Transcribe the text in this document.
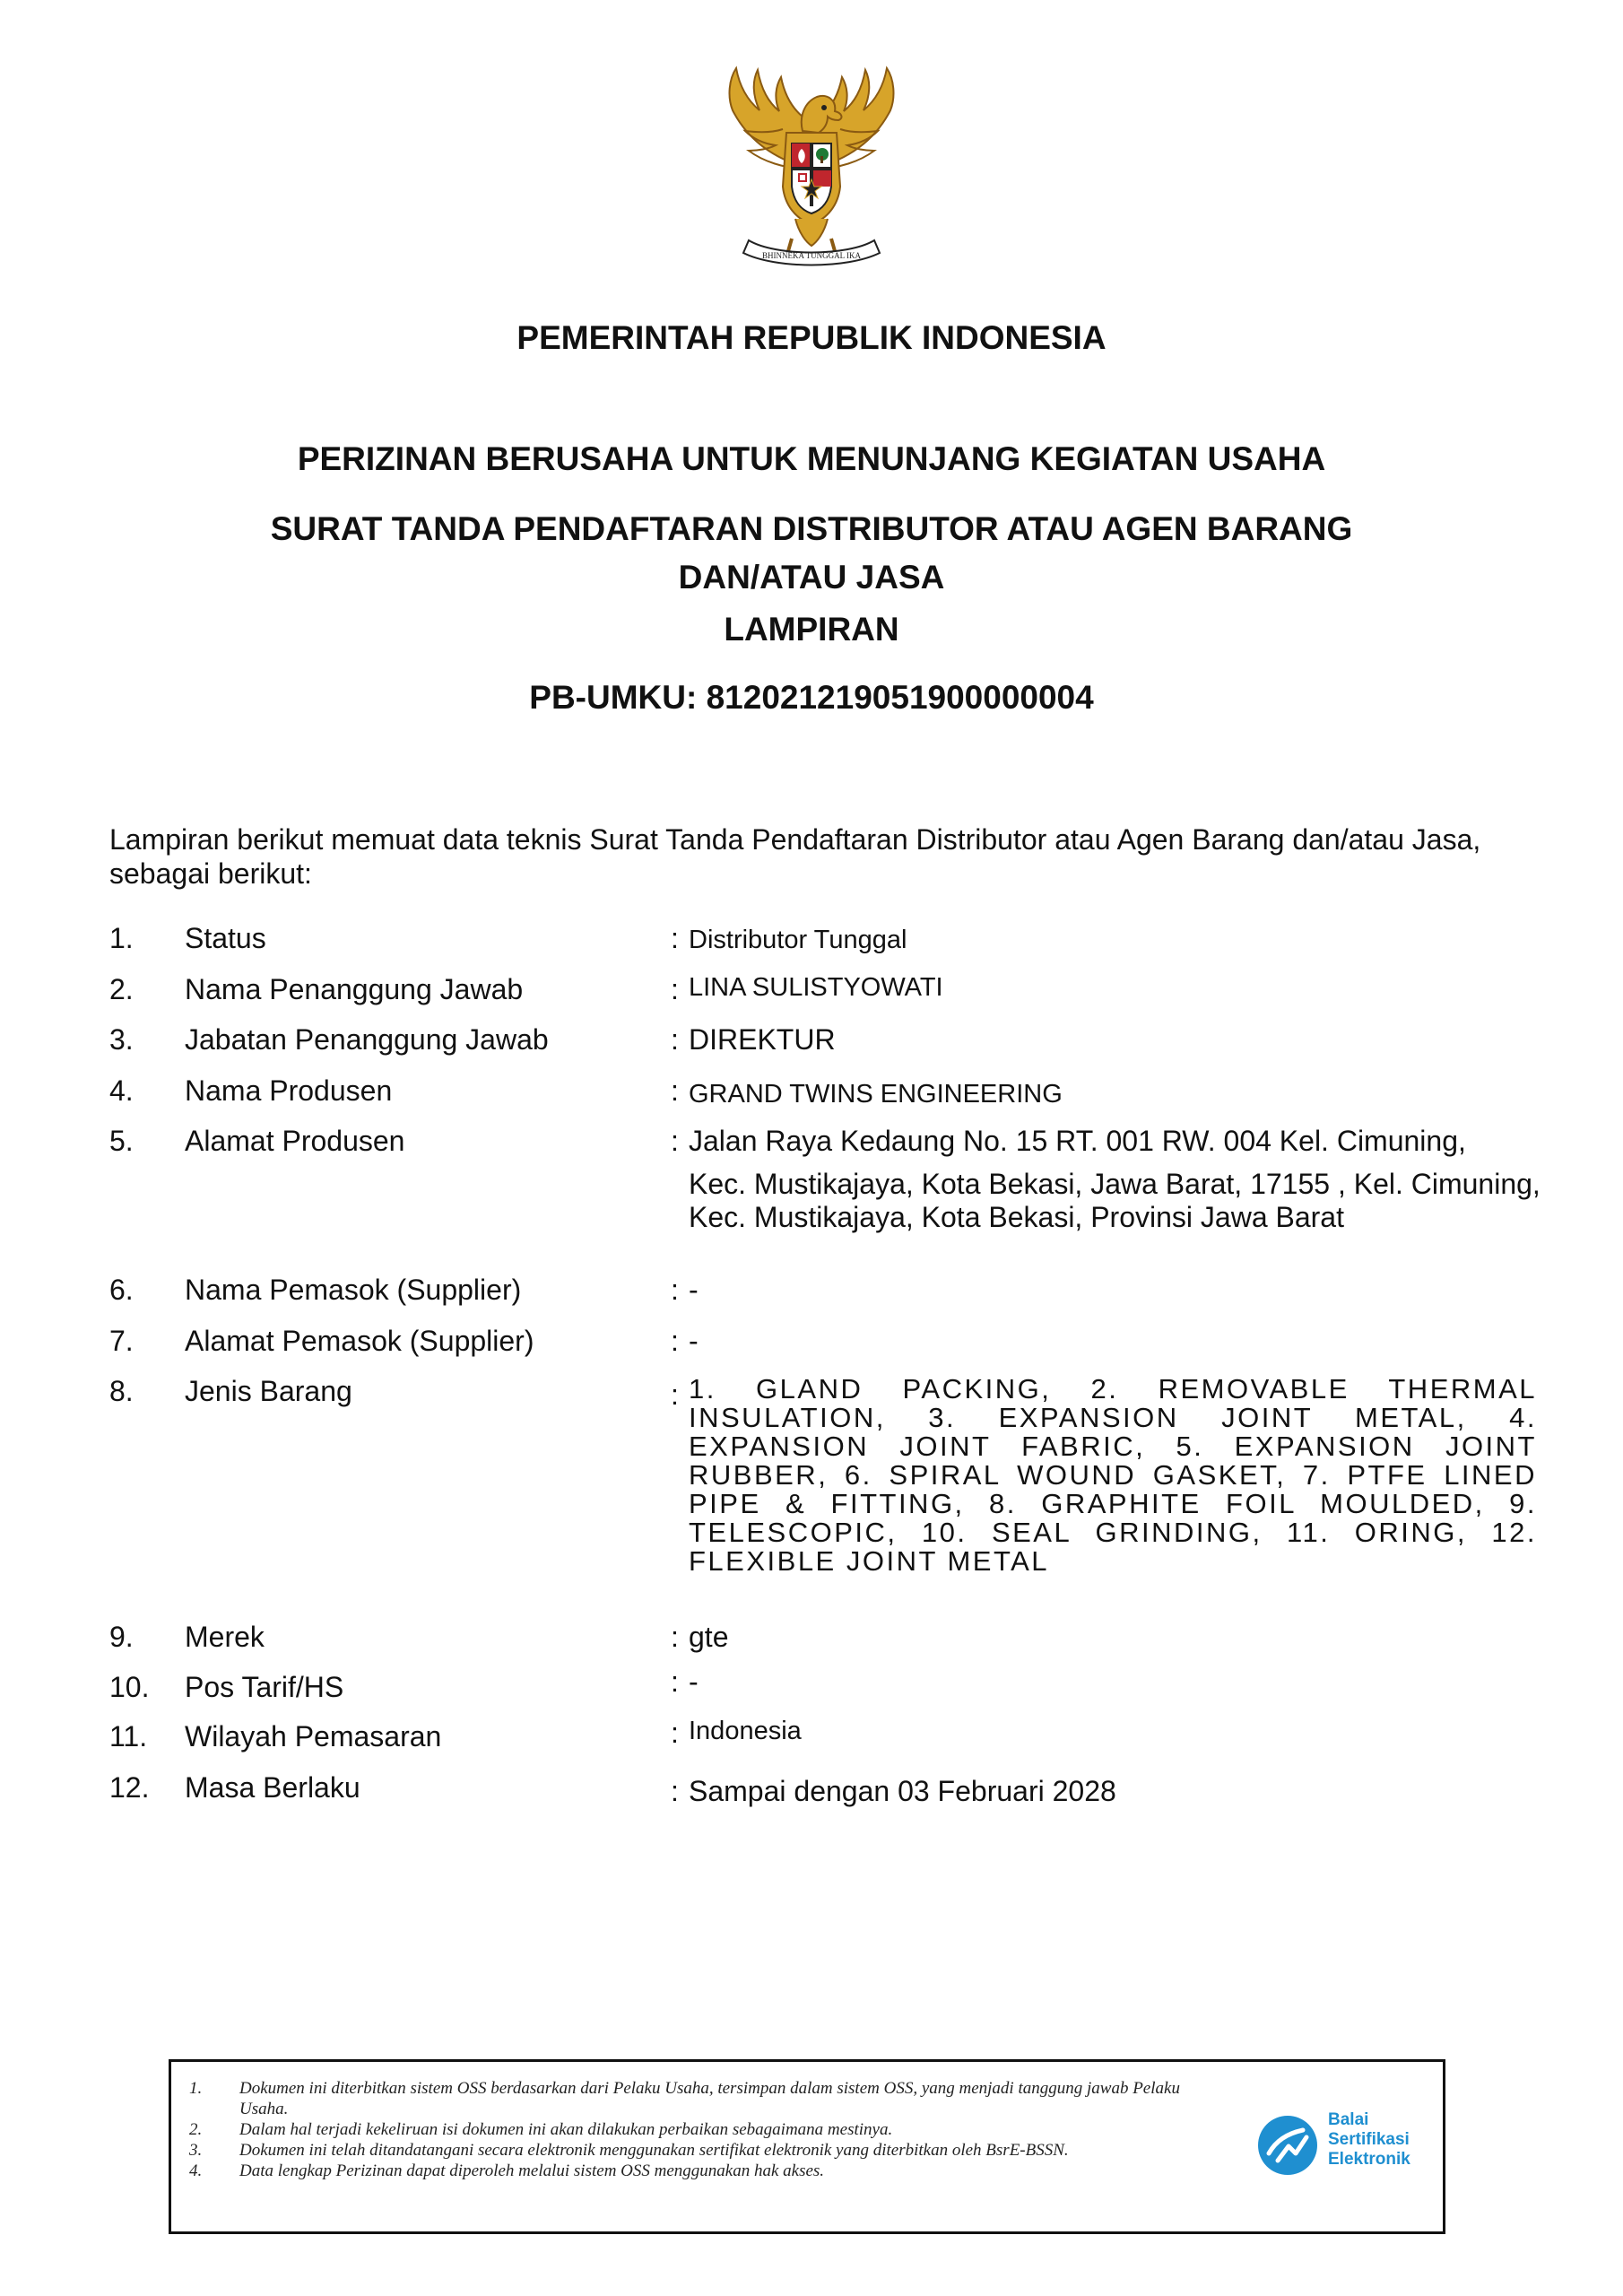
BHINNEKA TUNGGAL IKA
PEMERINTAH REPUBLIK INDONESIA
PERIZINAN BERUSAHA UNTUK MENUNJANG KEGIATAN USAHA
SURAT TANDA PENDAFTARAN DISTRIBUTOR ATAU AGEN BARANG
DAN/ATAU JASA
LAMPIRAN
PB-UMKU: 812021219051900000004
Lampiran berikut memuat data teknis Surat Tanda Pendaftaran Distributor atau Agen Barang dan/atau Jasa, sebagai berikut:
1. Status	: Distributor Tunggal
2. Nama Penanggung Jawab	: LINA SULISTYOWATI
3. Jabatan Penanggung Jawab	: DIREKTUR
4. Nama Produsen	: GRAND TWINS ENGINEERING
5. Alamat Produsen	: Jalan Raya Kedaung No. 15 RT. 001 RW. 004 Kel. Cimuning,
Kec. Mustikajaya, Kota Bekasi, Jawa Barat, 17155 , Kel. Cimuning, Kec. Mustikajaya, Kota Bekasi, Provinsi Jawa Barat
6. Nama Pemasok (Supplier)	: -
7. Alamat Pemasok (Supplier)	: -
8. Jenis Barang	: 1. GLAND PACKING, 2. REMOVABLE THERMAL INSULATION, 3. EXPANSION JOINT METAL, 4. EXPANSION JOINT FABRIC, 5. EXPANSION JOINT RUBBER, 6. SPIRAL WOUND GASKET, 7. PTFE LINED PIPE & FITTING, 8. GRAPHITE FOIL MOULDED, 9. TELESCOPIC, 10. SEAL GRINDING, 11. ORING, 12. FLEXIBLE JOINT METAL
9. Merek	: gte
10. Pos Tarif/HS	: -
11. Wilayah Pemasaran	: Indonesia
12. Masa Berlaku	: Sampai dengan 03 Februari 2028
1. Dokumen ini diterbitkan sistem OSS berdasarkan dari Pelaku Usaha, tersimpan dalam sistem OSS, yang menjadi tanggung jawab Pelaku Usaha.
2. Dalam hal terjadi kekeliruan isi dokumen ini akan dilakukan perbaikan sebagaimana mestinya.
3. Dokumen ini telah ditandatangani secara elektronik menggunakan sertifikat elektronik yang diterbitkan oleh BsrE-BSSN.
4. Data lengkap Perizinan dapat diperoleh melalui sistem OSS menggunakan hak akses.
Balai
Sertifikasi
Elektronik
